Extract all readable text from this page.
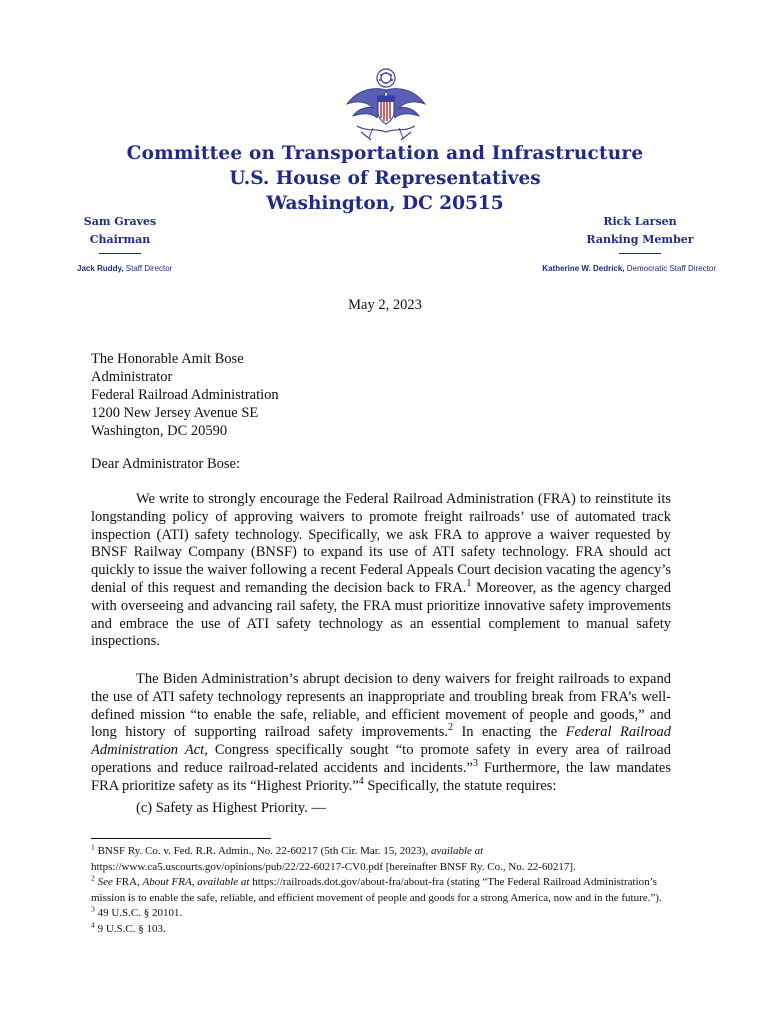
Committee on Transportation and Infrastructure
U.S. House of Representatives
Washington, DC 20515
Sam Graves
Chairman
Rick Larsen
Ranking Member
Jack Ruddy, Staff Director	Katherine W. Dedrick, Democratic Staff Director
May 2, 2023
The Honorable Amit Bose
Administrator
Federal Railroad Administration
1200 New Jersey Avenue SE
Washington, DC 20590
Dear Administrator Bose:

We write to strongly encourage the Federal Railroad Administration (FRA) to reinstitute its longstanding policy of approving waivers to promote freight railroads’ use of automated track inspection (ATI) safety technology. Specifically, we ask FRA to approve a waiver requested by BNSF Railway Company (BNSF) to expand its use of ATI safety technology. FRA should act quickly to issue the waiver following a recent Federal Appeals Court decision vacating the agency’s denial of this request and remanding the decision back to FRA.$^1$ Moreover, as the agency charged with overseeing and advancing rail safety, the FRA must prioritize innovative safety improvements and embrace the use of ATI safety technology as an essential complement to manual safety inspections.

The Biden Administration’s abrupt decision to deny waivers for freight railroads to expand the use of ATI safety technology represents an inappropriate and troubling break from FRA’s well-defined mission “to enable the safe, reliable, and efficient movement of people and goods,” and long history of supporting railroad safety improvements.$^2$ In enacting the Federal Railroad Administration Act, Congress specifically sought “to promote safety in every area of railroad operations and reduce railroad-related accidents and incidents.”$^3$ Furthermore, the law mandates FRA prioritize safety as its “Highest Priority.”$^4$ Specifically, the statute requires:

(c) Safety as Highest Priority. —

$^1$ BNSF Ry. Co. v. Fed. R.R. Admin., No. 22-60217 (5th Cir. Mar. 15, 2023), available at https://www.ca5.uscourts.gov/opinions/pub/22/22-60217-CV0.pdf [hereinafter BNSF Ry. Co., No. 22-60217].

$^2$ See FRA, About FRA, available at https://railroads.dot.gov/about-fra/about-fra (stating “The Federal Railroad Administration’s mission is to enable the safe, reliable, and efficient movement of people and goods for a strong America, now and in the future.”).

$^3$ 49 U.S.C. § 20101.

$^4$ 9 U.S.C. § 103.
